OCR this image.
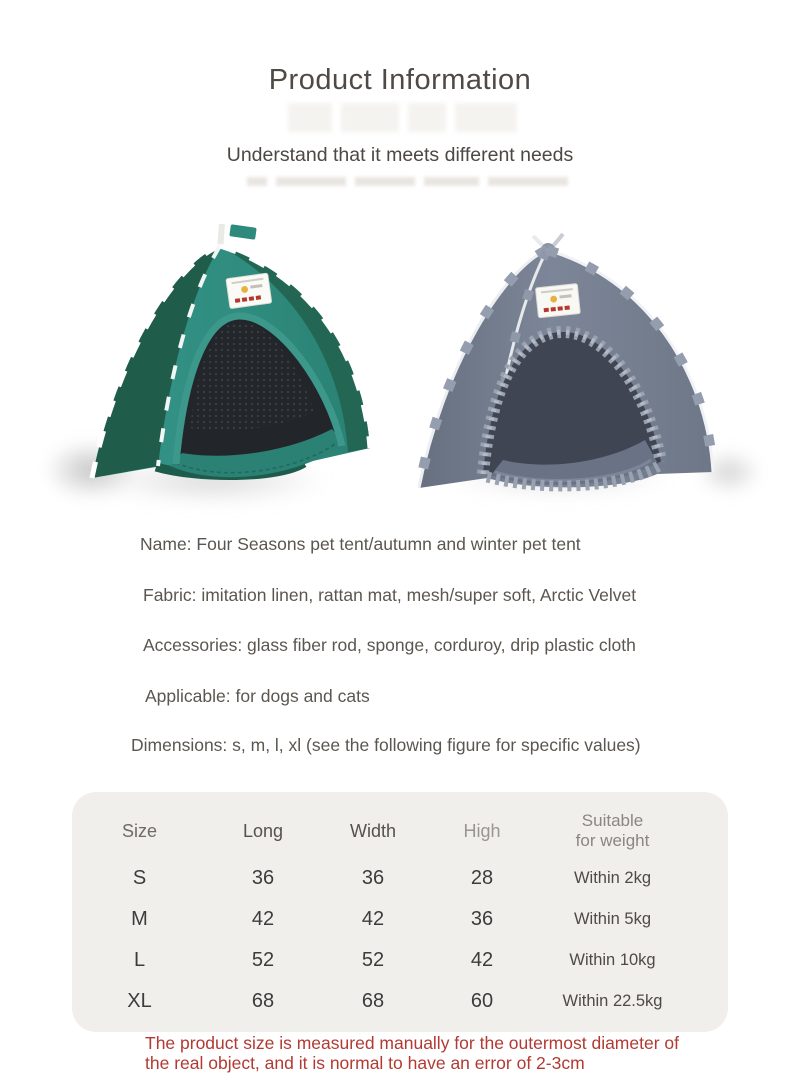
Product Information
Understand that it meets different needs
Name: Four Seasons pet tent/autumn and winter pet tent
Fabric: imitation linen, rattan mat, mesh/super soft, Arctic Velvet
Accessories: glass fiber rod, sponge, corduroy, drip plastic cloth
Applicable: for dogs and cats
Dimensions: s, m, l, xl (see the following figure for specific values)
Size	Long	Width	High	Suitable for weight
S	36	36	28	Within 2kg
M	42	42	36	Within 5kg
L	52	52	42	Within 10kg
XL	68	68	60	Within 22.5kg
The product size is measured manually for the outermost diameter of
the real object, and it is normal to have an error of 2-3cm
